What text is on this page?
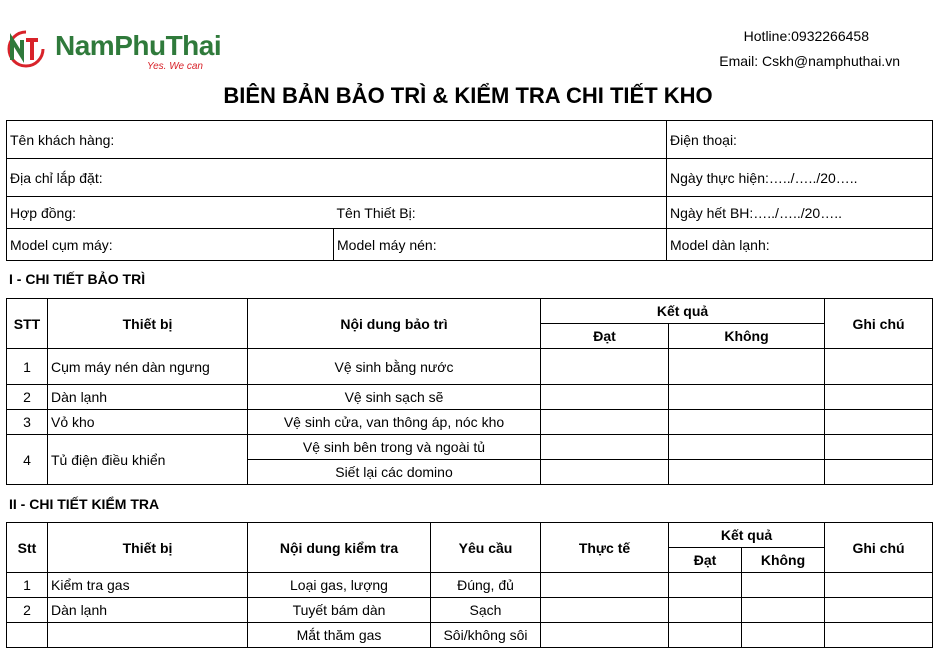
NamPhuThai
Yes. We can
Hotline:0932266458
Email: Cskh@namphuthai.vn
BIÊN BẢN BẢO TRÌ & KIỂM TRA CHI TIẾT KHO
Tên khách hàng:		Điện thoại:
Địa chỉ lắp đặt:		Ngày thực hiện:…../…../20…..
Hợp đồng:	Tên Thiết Bị:	Ngày hết BH:…../…../20…..
Model cụm máy:	Model máy nén:	Model dàn lạnh:
I - CHI TIẾT BẢO TRÌ
STT	Thiết bị	Nội dung bảo trì	Kết quả		Ghi chú
			Đạt	Không	
1	Cụm máy nén dàn ngưng	Vệ sinh bằng nước			
2	Dàn lạnh	Vệ sinh sạch sẽ			
3	Vỏ kho	Vệ sinh cửa, van thông áp, nóc kho			
4	Tủ điện điều khiển	Vệ sinh bên trong và ngoài tủ			
		Siết lại các domino			
II - CHI TIẾT KIỂM TRA
Stt	Thiết bị	Nội dung kiểm tra	Yêu cầu	Thực tế	Kết quả		Ghi chú
					Đạt	Không	
1	Kiểm tra gas	Loại gas, lượng	Đúng, đủ				
2	Dàn lạnh	Tuyết bám dàn	Sạch				
		Mắt thăm gas	Sôi/không sôi				
